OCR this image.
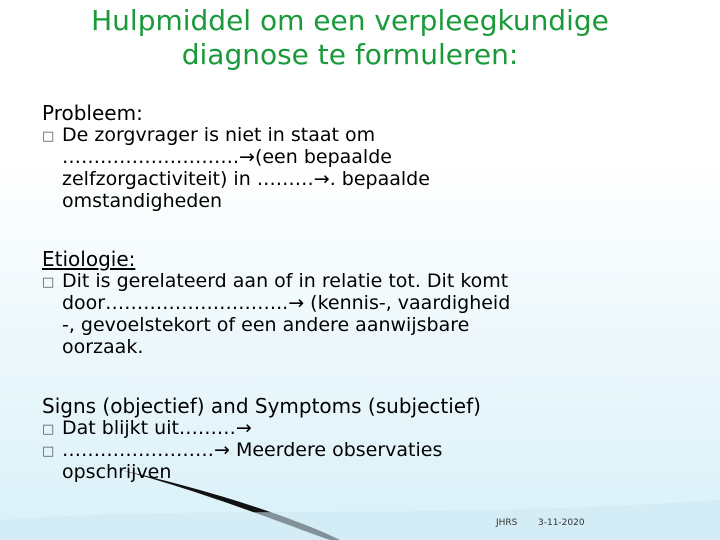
Hulpmiddel om een verpleegkundige
diagnose te formuleren:
Probleem:
□ De zorgvrager is niet in staat om
……………………….→(een bepaalde
zelfzorgactiviteit) in ………→. bepaalde
omstandigheden
Etiologie:
□ Dit is gerelateerd aan of in relatie tot. Dit komt
door………………………..→ (kennis-, vaardigheid
-, gevoelstekort of een andere aanwijsbare
oorzaak.
Signs (objectief) and Symptoms (subjectief)
□ Dat blijkt uit………→
□ ……………………→ Meerdere observaties
opschrijven
JHRS 3-11-2020
